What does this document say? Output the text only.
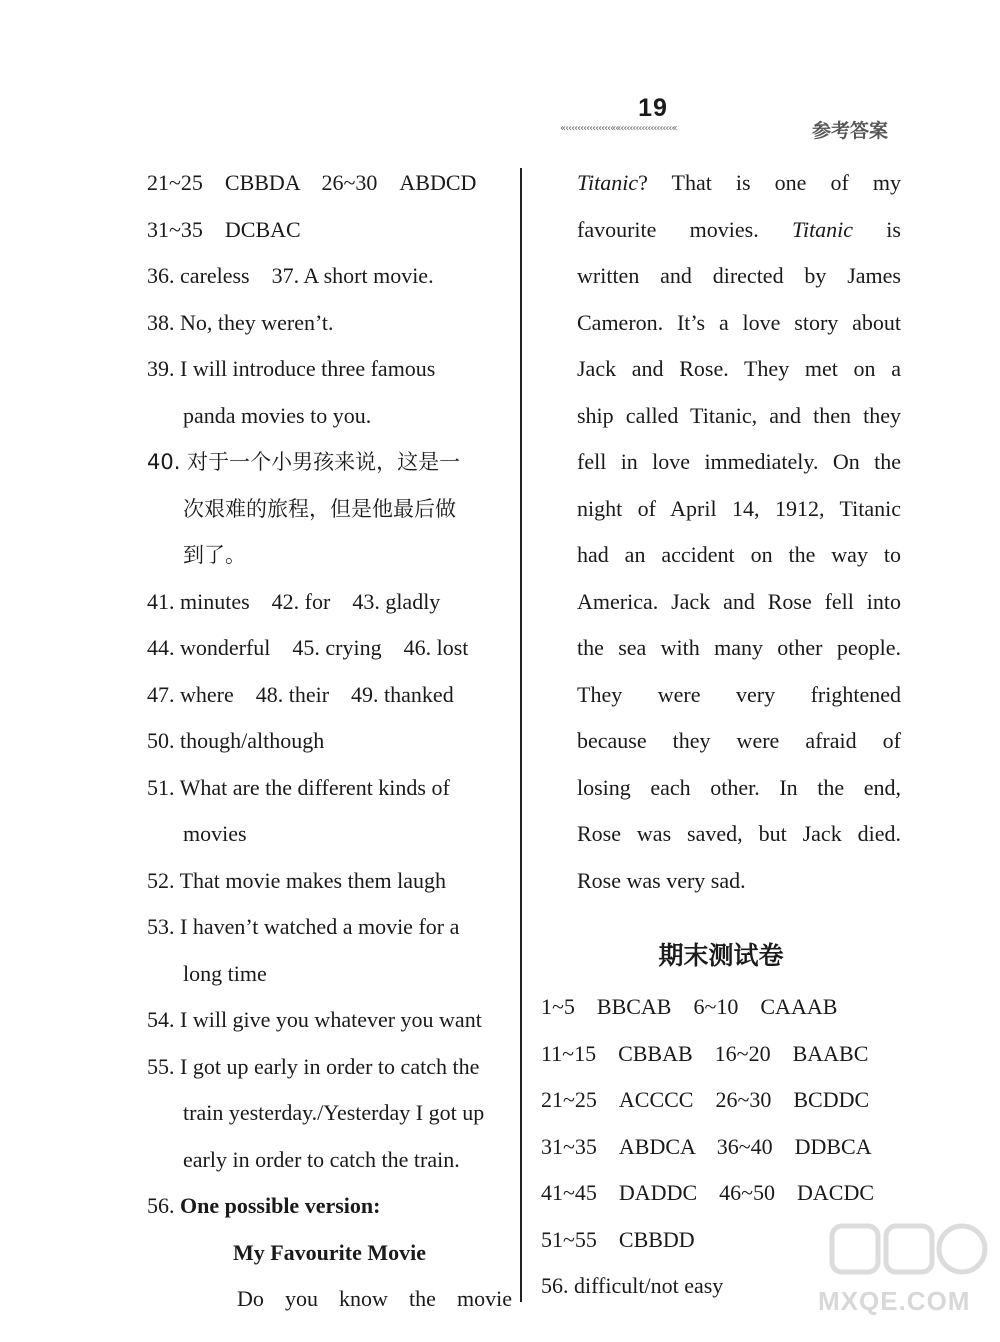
19
«‹‹‹‹‹‹‹‹‹‹‹‹‹‹‹««‹‹‹‹‹‹‹‹‹‹‹‹‹‹‹‹‹«	参考答案
21~25　CBBDA　26~30　ABDCD
31~35　DCBAC
36. careless　37. A short movie.
38. No, they weren’t.
39. I will introduce three famous
panda movies to you.
40. 对于一个小男孩来说，这是一
次艰难的旅程，但是他最后做
到了。
41. minutes　42. for　43. gladly
44. wonderful　45. crying　46. lost
47. where　48. their　49. thanked
50. though/although
51. What are the different kinds of
movies
52. That movie makes them laugh
53. I haven’t watched a movie for a
long time
54. I will give you whatever you want
55. I got up early in order to catch the
train yesterday./Yesterday I got up
early in order to catch the train.
56. One possible version:
My Favourite Movie
Do you know the movie
Titanic? That is one of my
favourite movies. Titanic is
written and directed by James
Cameron. It’s a love story about
Jack and Rose. They met on a
ship called Titanic, and then they
fell in love immediately. On the
night of April 14, 1912, Titanic
had an accident on the way to
America. Jack and Rose fell into
the sea with many other people.
They were very frightened
because they were afraid of
losing each other. In the end,
Rose was saved, but Jack died.
Rose was very sad.
期末测试卷
1~5　BBCAB　6~10　CAAAB
11~15　CBBAB　16~20　BAABC
21~25　ACCCC　26~30　BCDDC
31~35　ABDCA　36~40　DDBCA
41~45　DADDC　46~50　DACDC
51~55　CBBDD
56. difficult/not easy
MXQE.COM
